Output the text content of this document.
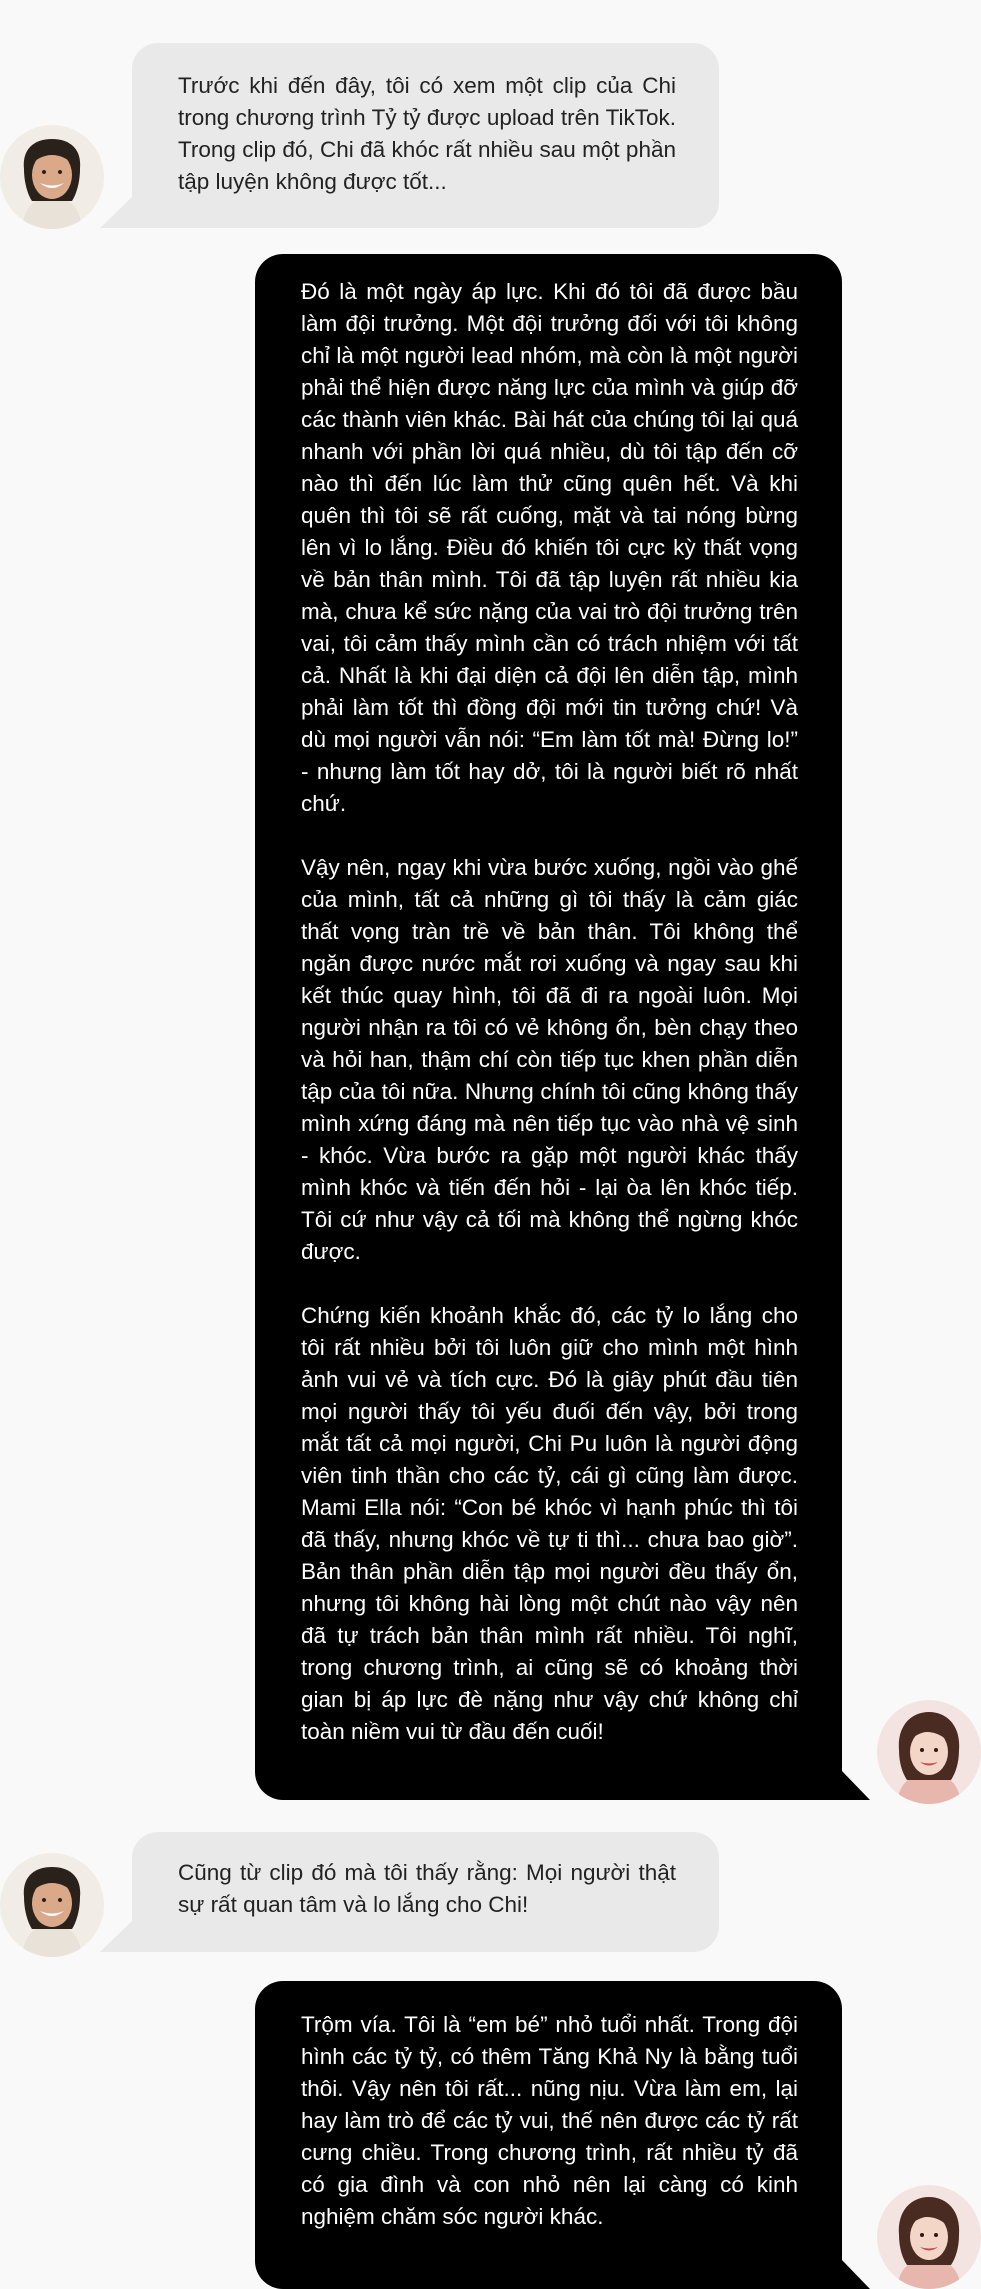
Trước khi đến đây, tôi có xem một clip của Chi trong chương trình Tỷ tỷ được upload trên TikTok. Trong clip đó, Chi đã khóc rất nhiều sau một phần tập luyện không được tốt...

Đó là một ngày áp lực. Khi đó tôi đã được bầu làm đội trưởng. Một đội trưởng đối với tôi không chỉ là một người lead nhóm, mà còn là một người phải thể hiện được năng lực của mình và giúp đỡ các thành viên khác. Bài hát của chúng tôi lại quá nhanh với phần lời quá nhiều, dù tôi tập đến cỡ nào thì đến lúc làm thử cũng quên hết. Và khi quên thì tôi sẽ rất cuống, mặt và tai nóng bừng lên vì lo lắng. Điều đó khiến tôi cực kỳ thất vọng về bản thân mình. Tôi đã tập luyện rất nhiều kia mà, chưa kể sức nặng của vai trò đội trưởng trên vai, tôi cảm thấy mình cần có trách nhiệm với tất cả. Nhất là khi đại diện cả đội lên diễn tập, mình phải làm tốt thì đồng đội mới tin tưởng chứ! Và dù mọi người vẫn nói: “Em làm tốt mà! Đừng lo!” - nhưng làm tốt hay dở, tôi là người biết rõ nhất chứ.

Vậy nên, ngay khi vừa bước xuống, ngồi vào ghế của mình, tất cả những gì tôi thấy là cảm giác thất vọng tràn trề về bản thân. Tôi không thể ngăn được nước mắt rơi xuống và ngay sau khi kết thúc quay hình, tôi đã đi ra ngoài luôn. Mọi người nhận ra tôi có vẻ không ổn, bèn chạy theo và hỏi han, thậm chí còn tiếp tục khen phần diễn tập của tôi nữa. Nhưng chính tôi cũng không thấy mình xứng đáng mà nên tiếp tục vào nhà vệ sinh - khóc. Vừa bước ra gặp một người khác thấy mình khóc và tiến đến hỏi - lại òa lên khóc tiếp. Tôi cứ như vậy cả tối mà không thể ngừng khóc được.

Chứng kiến khoảnh khắc đó, các tỷ lo lắng cho tôi rất nhiều bởi tôi luôn giữ cho mình một hình ảnh vui vẻ và tích cực. Đó là giây phút đầu tiên mọi người thấy tôi yếu đuối đến vậy, bởi trong mắt tất cả mọi người, Chi Pu luôn là người động viên tinh thần cho các tỷ, cái gì cũng làm được. Mami Ella nói: “Con bé khóc vì hạnh phúc thì tôi đã thấy, nhưng khóc về tự ti thì... chưa bao giờ”. Bản thân phần diễn tập mọi người đều thấy ổn, nhưng tôi không hài lòng một chút nào vậy nên đã tự trách bản thân mình rất nhiều. Tôi nghĩ, trong chương trình, ai cũng sẽ có khoảng thời gian bị áp lực đè nặng như vậy chứ không chỉ toàn niềm vui từ đầu đến cuối!

Cũng từ clip đó mà tôi thấy rằng: Mọi người thật sự rất quan tâm và lo lắng cho Chi!

Trộm vía. Tôi là “em bé” nhỏ tuổi nhất. Trong đội hình các tỷ tỷ, có thêm Tăng Khả Ny là bằng tuổi thôi. Vậy nên tôi rất... nũng nịu. Vừa làm em, lại hay làm trò để các tỷ vui, thế nên được các tỷ rất cưng chiều. Trong chương trình, rất nhiều tỷ đã có gia đình và con nhỏ nên lại càng có kinh nghiệm chăm sóc người khác.
